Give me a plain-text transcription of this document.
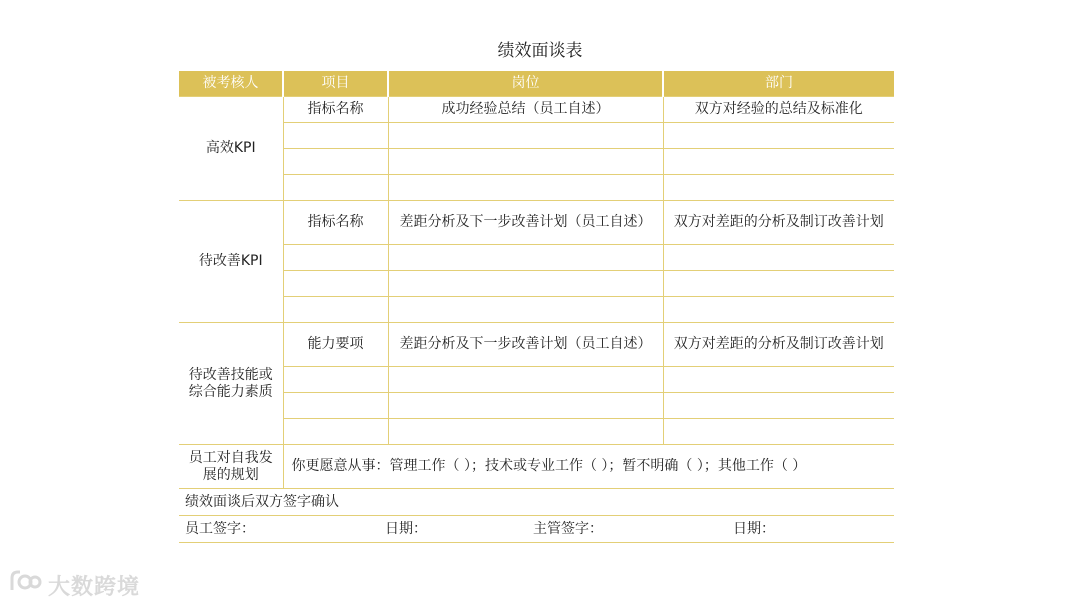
绩效面谈表
被考核人	项目	岗位	部门
高效KPI	指标名称	成功经验总结（员工自述）	双方对经验的总结及标准化

待改善KPI	指标名称	差距分析及下一步改善计划（员工自述）	双方对差距的分析及制订改善计划

待改善技能或综合能力素质	能力要项	差距分析及下一步改善计划（员工自述）	双方对差距的分析及制订改善计划

员工对自我发展的规划	你更愿意从事：管理工作（ ）；技术或专业工作（ ）；暂不明确（ ）；其他工作（ ）		
绩效面谈后双方签字确认			

员工签字： 日期： 主管签字： 日期：			
大数跨境
